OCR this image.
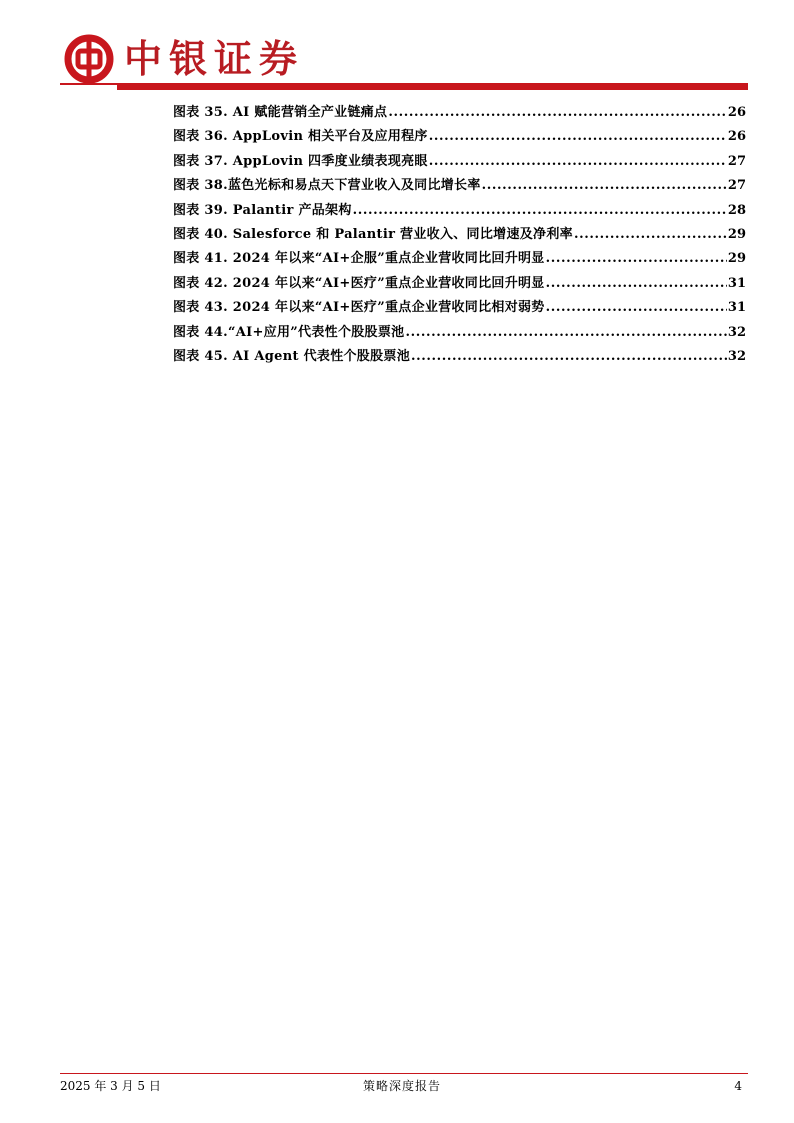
中银证券
图表 35. AI 赋能营销全产业链痛点 .....	26
图表 36. AppLovin 相关平台及应用程序 .....	26
图表 37. AppLovin 四季度业绩表现亮眼 .....	27
图表 38.蓝色光标和易点天下营业收入及同比增长率 .....	27
图表 39. Palantir 产品架构 .....	28
图表 40. Salesforce 和 Palantir 营业收入、同比增速及净利率 .....	29
图表 41. 2024 年以来“AI+企服”重点企业营收同比回升明显 .....	29
图表 42. 2024 年以来“AI+医疗”重点企业营收同比回升明显 .....	31
图表 43. 2024 年以来“AI+医疗”重点企业营收同比相对弱势 .....	31
图表 44.“AI+应用”代表性个股股票池 .....	32
图表 45. AI Agent 代表性个股股票池 .....	32
2025 年 3 月 5 日	策略深度报告	4
